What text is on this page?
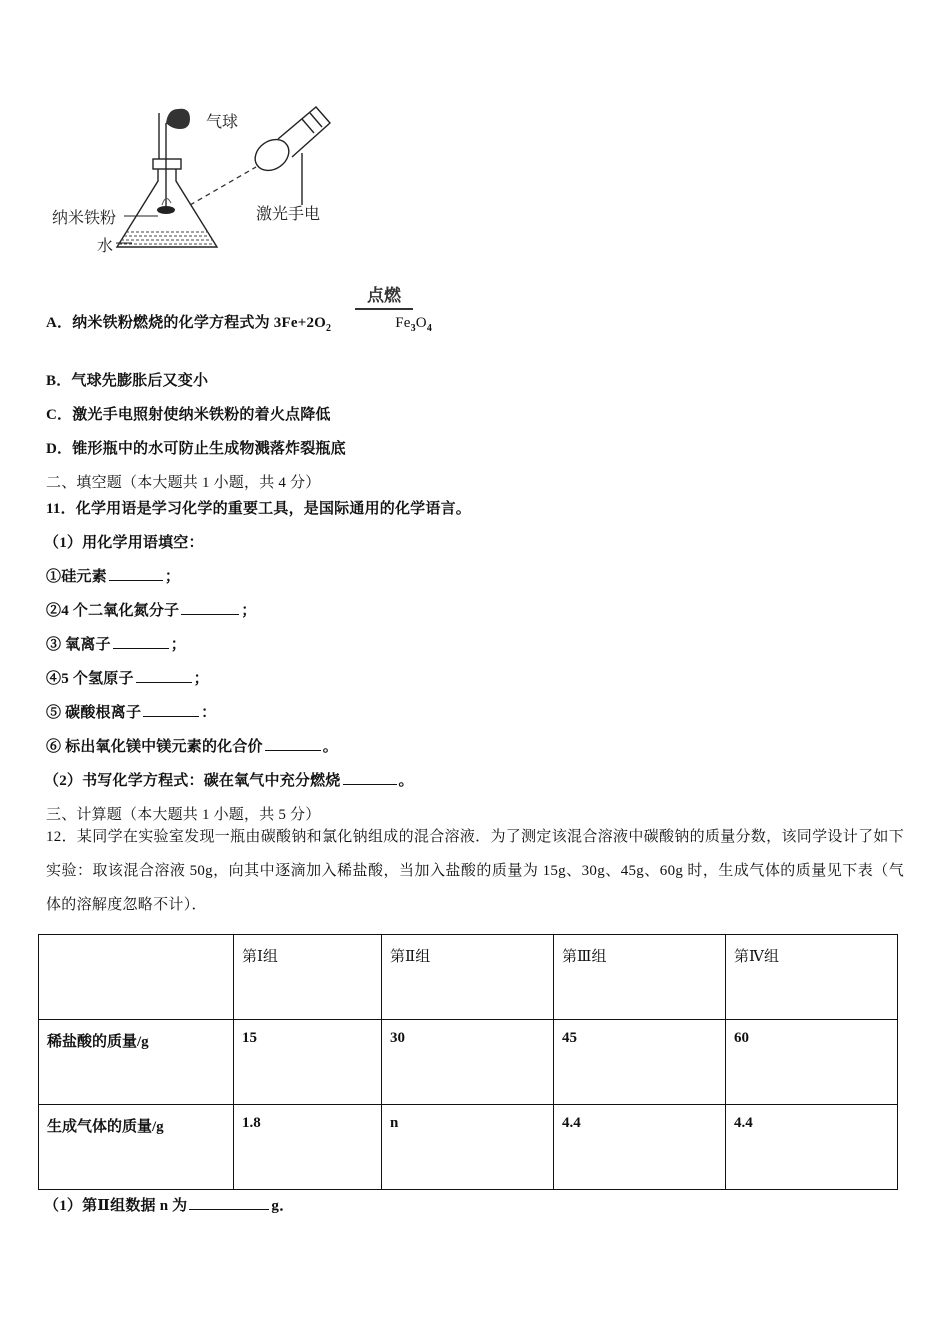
气球
纳米铁粉
水
激光手电
点燃
A．纳米铁粉燃烧的化学方程式为 $3Fe+2O_2$	$Fe_3O_4$
B．气球先膨胀后又变小
C．激光手电照射使纳米铁粉的着火点降低
D．锥形瓶中的水可防止生成物溅落炸裂瓶底
二、填空题（本大题共 1 小题，共 4 分）
11．化学用语是学习化学的重要工具，是国际通用的化学语言。
（1）用化学用语填空：
①硅元素	；
②4 个二氧化氮分子	；
③ 氧离子	；
④5 个氢原子	；
⑤ 碳酸根离子	：
⑥ 标出氧化镁中镁元素的化合价	。
（2）书写化学方程式：碳在氧气中充分燃烧	。
三、计算题（本大题共 1 小题，共 5 分）
12．某同学在实验室发现一瓶由碳酸钠和氯化钠组成的混合溶液．为了测定该混合溶液中碳酸钠的质量分数，该同学设计了如下实验：取该混合溶液 50g，向其中逐滴加入稀盐酸，当加入盐酸的质量为 15g、30g、45g、60g 时，生成气体的质量见下表（气体的溶解度忽略不计）．
	第Ⅰ组	第Ⅱ组	第Ⅲ组	第Ⅳ组
稀盐酸的质量/g	15	30	45	60
生成气体的质量/g	1.8	n	4.4	4.4
（1）第Ⅱ组数据 n 为	g．
